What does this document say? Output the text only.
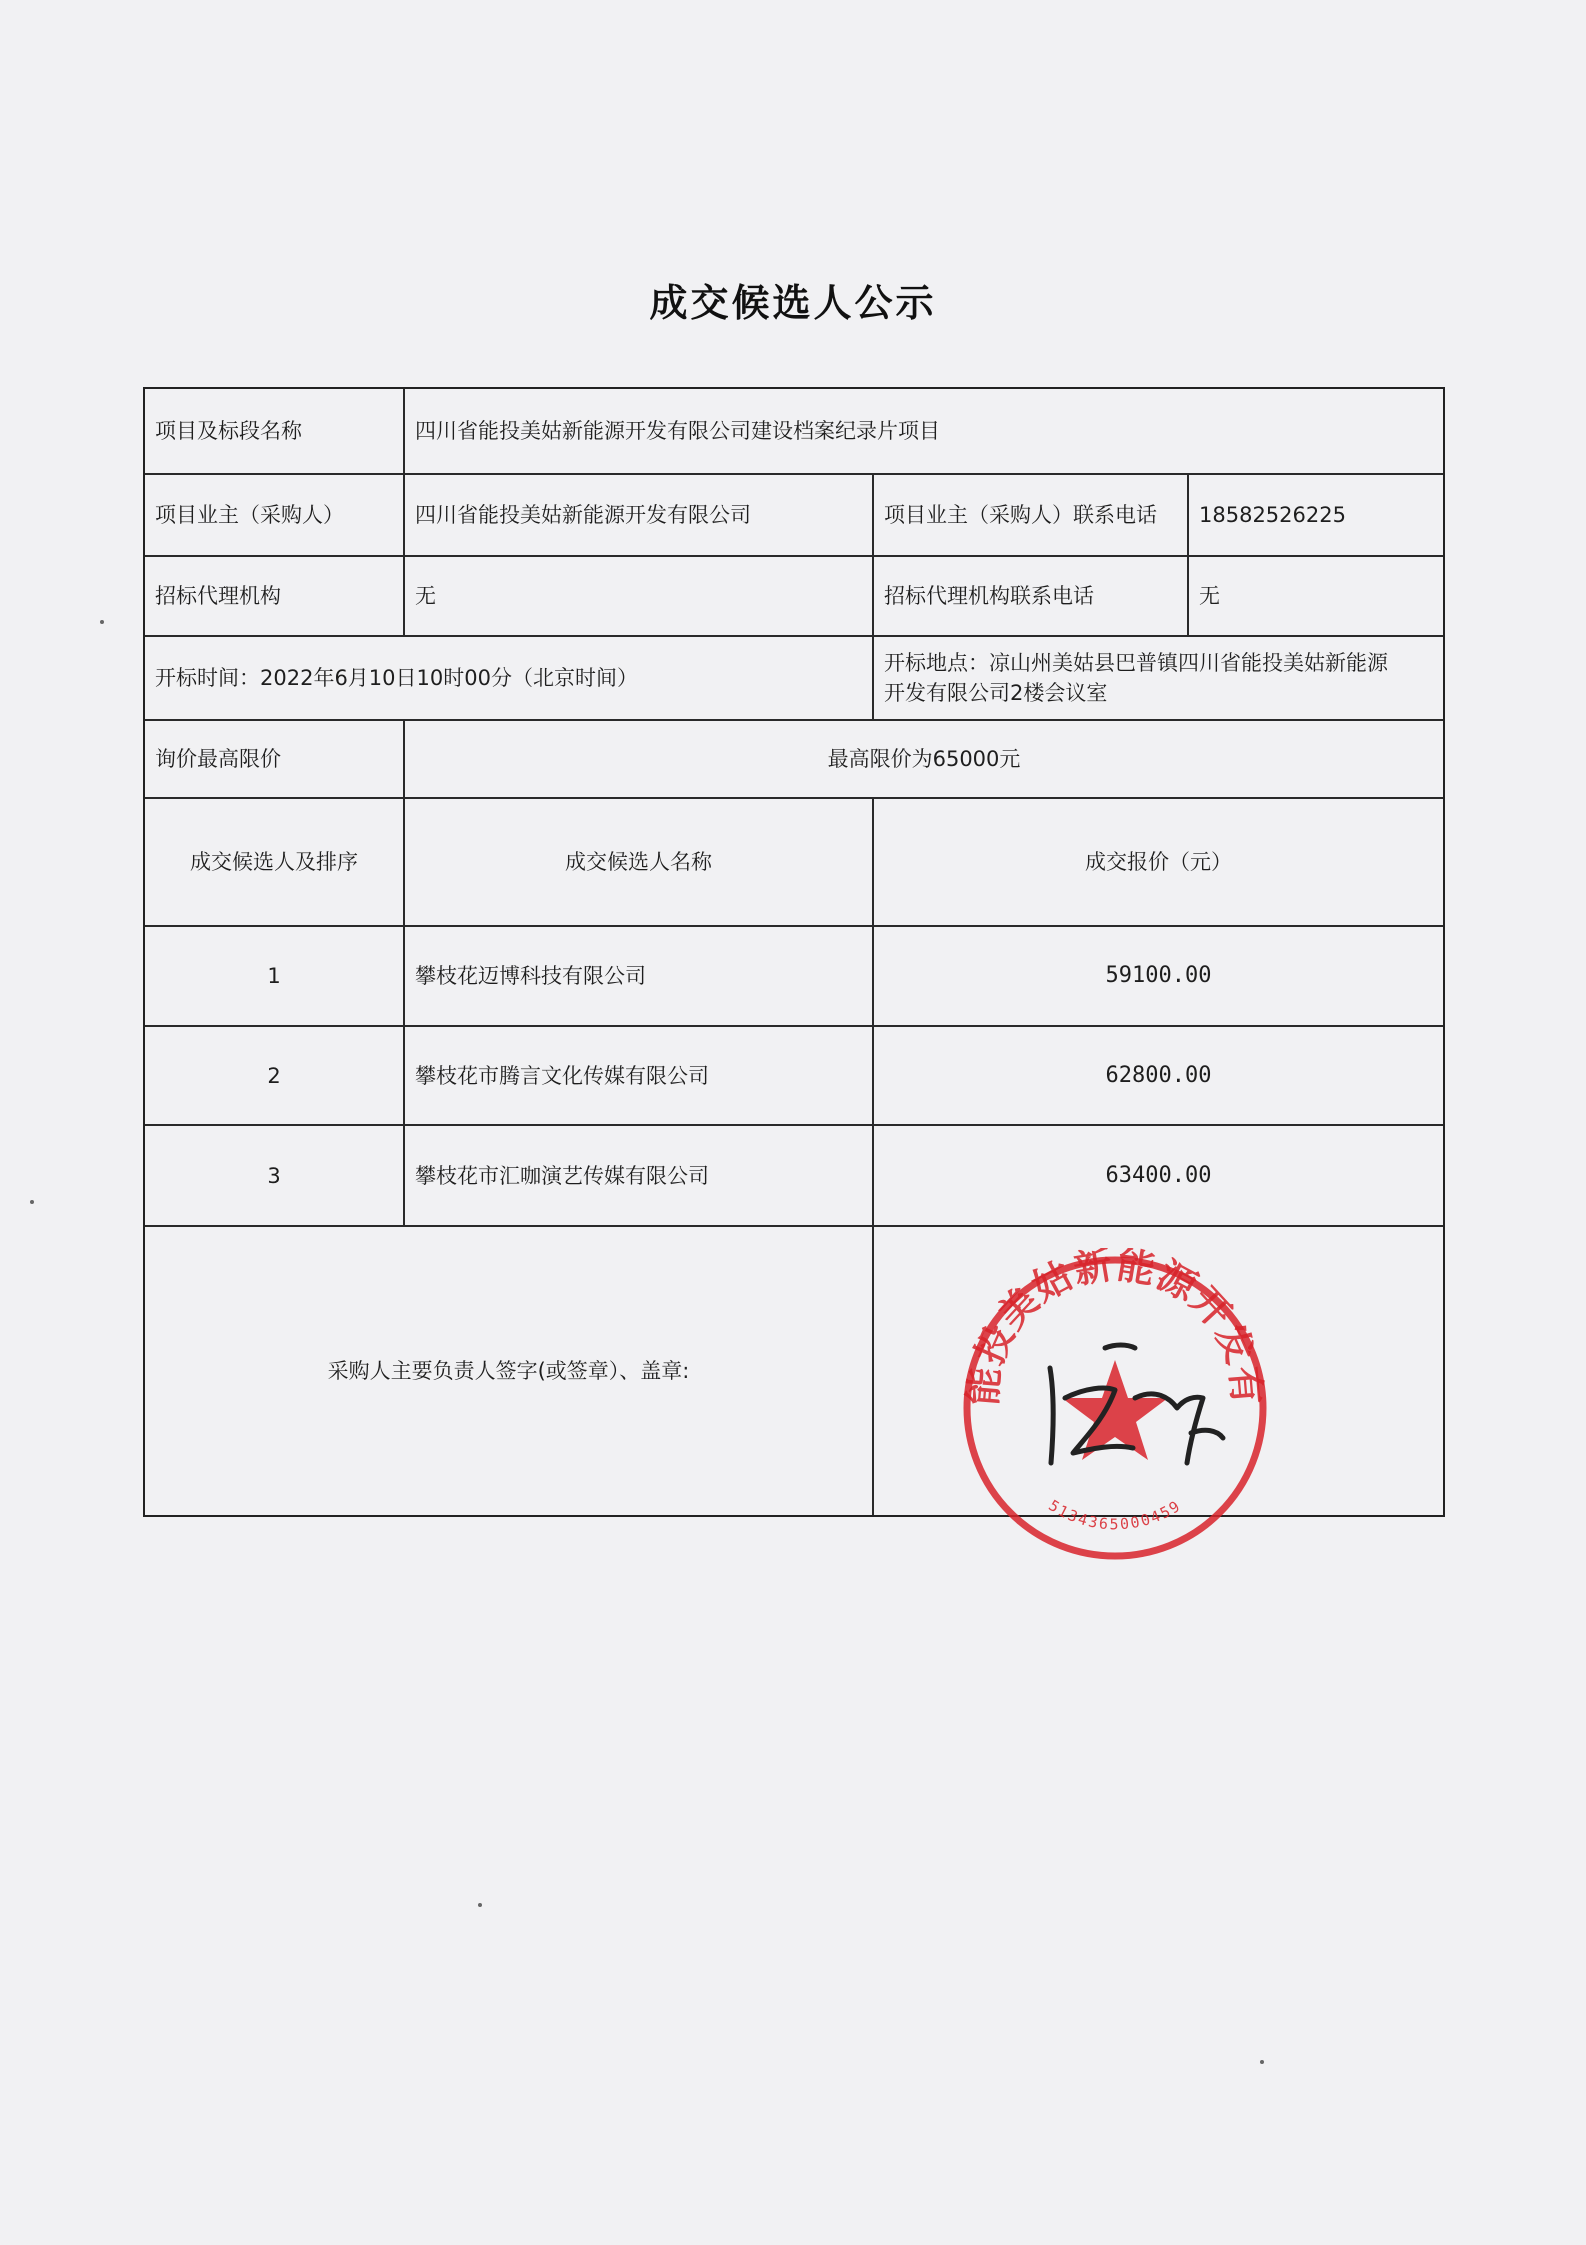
成交候选人公示
项目及标段名称	四川省能投美姑新能源开发有限公司建设档案纪录片项目
项目业主（采购人）	四川省能投美姑新能源开发有限公司	项目业主（采购人）联系电话	18582526225
招标代理机构	无	招标代理机构联系电话	无
开标时间：2022年6月10日10时00分（北京时间）
开标地点：凉山州美姑县巴普镇四川省能投美姑新能源
开发有限公司2楼会议室
询价最高限价	最高限价为65000元
成交候选人及排序	成交候选人名称	成交报价（元）
1	攀枝花迈博科技有限公司	59100.00
2	攀枝花市腾言文化传媒有限公司	62800.00
3	攀枝花市汇咖演艺传媒有限公司	63400.00
采购人主要负责人签字(或签章）、盖章:	能投美姑新能源开发有
5134365000459
